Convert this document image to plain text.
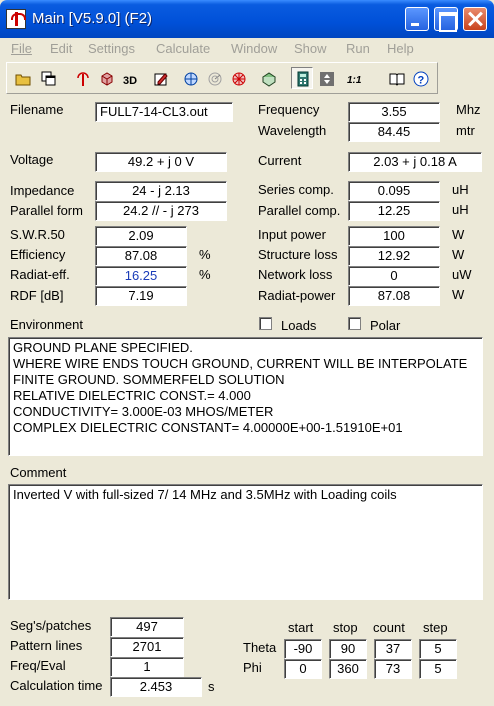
Main [V5.9.0] (F2)
File Edit Settings Calculate Window Show Run Help
3D	1:1	?
Filename	FULL7-14-CL3.out	Frequency	3.55	Mhz
Wavelength	84.45	mtr
Voltage	49.2 + j 0 V	Current	2.03 + j 0.18 A
Impedance	24 - j 2.13	Series comp.	0.095	uH
Parallel form	24.2 // - j 273	Parallel comp.	12.25	uH
S.W.R.50	2.09	Input power	100	W
Efficiency	87.08	%	Structure loss	12.92	W
Radiat-eff.	16.25	%	Network loss	0	uW
RDF [dB]	7.19	Radiat-power	87.08	W
Environment	Loads	Polar
GROUND PLANE SPECIFIED.
WHERE WIRE ENDS TOUCH GROUND, CURRENT WILL BE INTERPOLATE
FINITE GROUND. SOMMERFELD SOLUTION
RELATIVE DIELECTRIC CONST.= 4.000
CONDUCTIVITY= 3.000E-03 MHOS/METER
COMPLEX DIELECTRIC CONSTANT= 4.00000E+00-1.51910E+01
Comment
Inverted V with full-sized 7/ 14 MHz and 3.5MHz with Loading coils
Seg's/patches	497
Pattern lines	2701
Freq/Eval	1
Calculation time	2.453	s
start stop count step
Theta	-90	90	37	5
Phi	0	360	73	5
